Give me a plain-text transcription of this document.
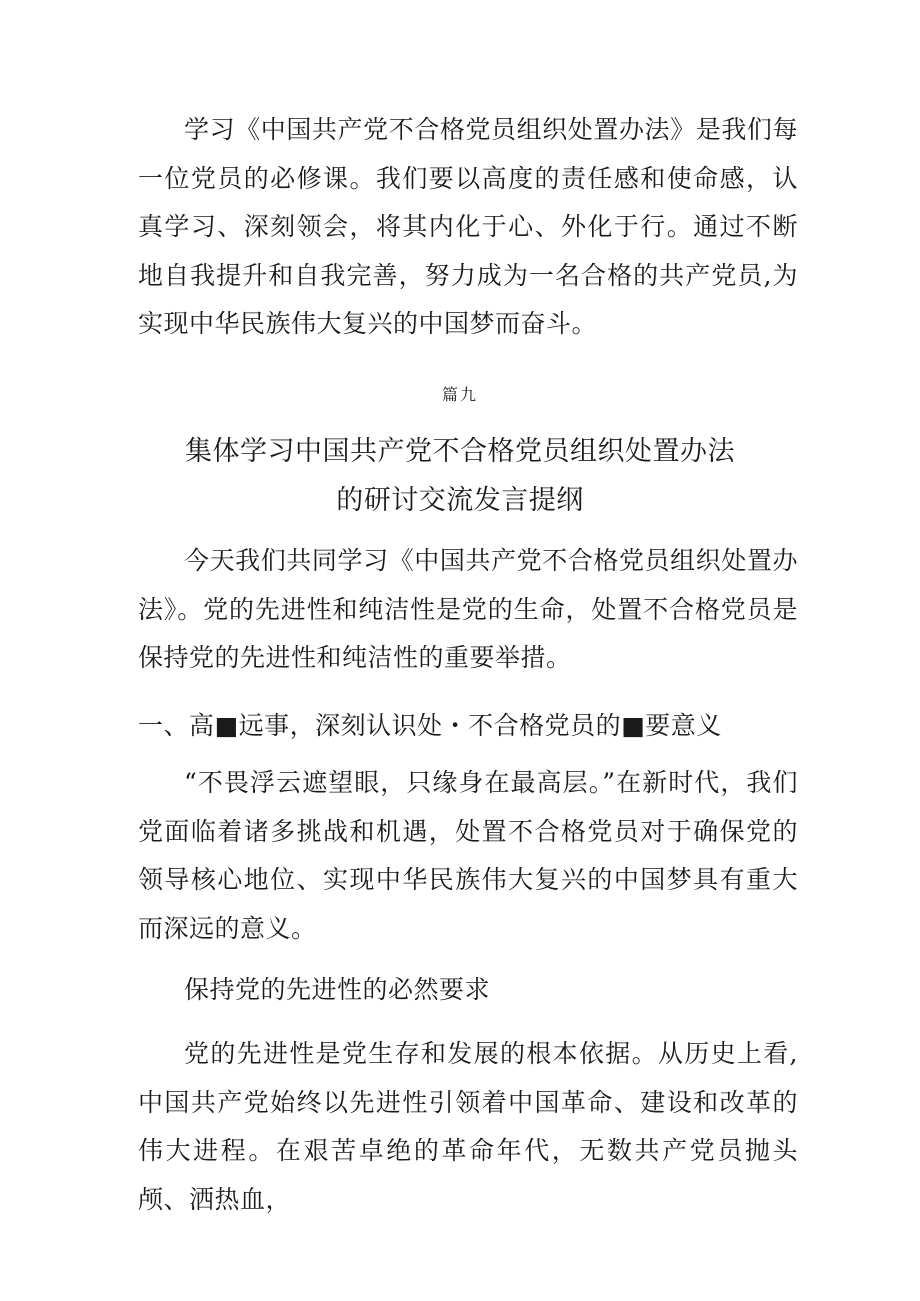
学习《中国共产党不合格党员组织处置办法》是我们每一位党员的必修课。我们要以高度的责任感和使命感，认真学习、深刻领会，将其内化于心、外化于行。通过不断地自我提升和自我完善，努力成为一名合格的共产党员,为实现中华民族伟大复兴的中国梦而奋斗。

篇九
集体学习中国共产党不合格党员组织处置办法
的研讨交流发言提纲

今天我们共同学习《中国共产党不合格党员组织处置办法》。党的先进性和纯洁性是党的生命，处置不合格党员是保持党的先进性和纯洁性的重要举措。

一、高■远事，深刻认识处・不合格党员的■要意义

“不畏浮云遮望眼，只缘身在最高层。”在新时代，我们党面临着诸多挑战和机遇，处置不合格党员对于确保党的领导核心地位、实现中华民族伟大复兴的中国梦具有重大而深远的意义。

保持党的先进性的必然要求

党的先进性是党生存和发展的根本依据。从历史上看,中国共产党始终以先进性引领着中国革命、建设和改革的伟大进程。在艰苦卓绝的革命年代，无数共产党员抛头颅、洒热血，
